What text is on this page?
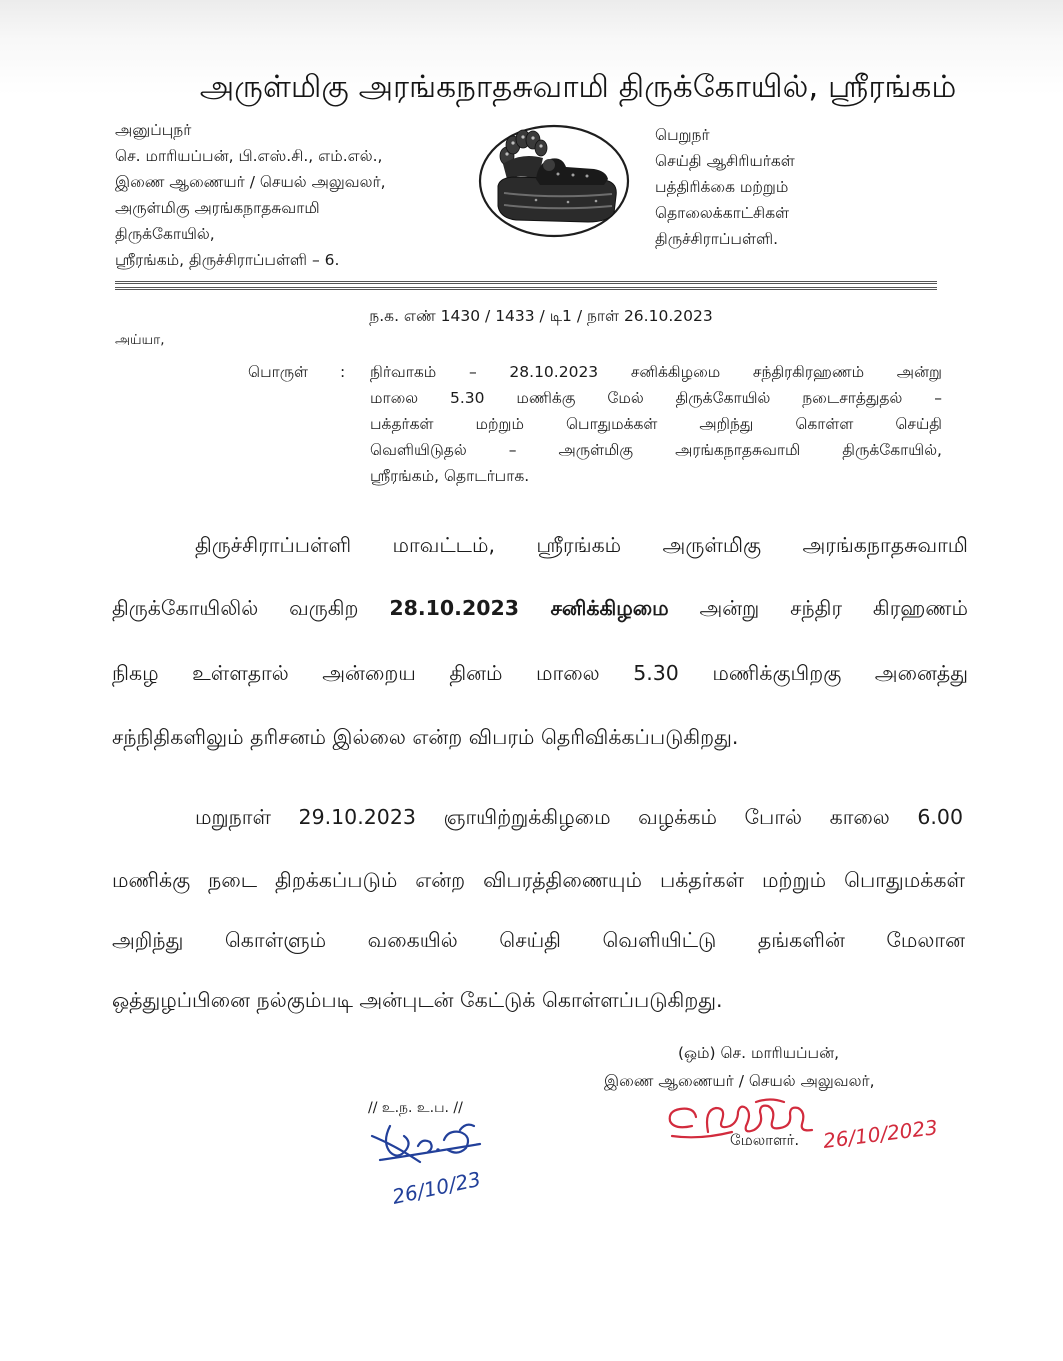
அருள்மிகு அரங்கநாதசுவாமி திருக்கோயில், ஸ்ரீரங்கம்
அனுப்புநர்
செ. மாரியப்பன், பி.எஸ்.சி., எம்.எல்.,
இணை ஆணையர் / செயல் அலுவலர்,
அருள்மிகு அரங்கநாதசுவாமி
திருக்கோயில்,
ஸ்ரீரங்கம், திருச்சிராப்பள்ளி – 6.
பெறுநர்
செய்தி ஆசிரியர்கள்
பத்திரிக்கை மற்றும்
தொலைக்காட்சிகள்
திருச்சிராப்பள்ளி.
ந.க. எண் 1430 / 1433 / டி1 / நாள் 26.10.2023
அய்யா,
பொருள்	:	நிர்வாகம் – 28.10.2023 சனிக்கிழமை சந்திரகிரஹணம் அன்று
மாலை 5.30 மணிக்கு மேல் திருக்கோயில் நடைசாத்துதல் –
பக்தர்கள் மற்றும் பொதுமக்கள் அறிந்து கொள்ள செய்தி
வெளியிடுதல் – அருள்மிகு அரங்கநாதசுவாமி திருக்கோயில்,
ஸ்ரீரங்கம், தொடர்பாக.
திருச்சிராப்பள்ளி மாவட்டம், ஸ்ரீரங்கம் அருள்மிகு அரங்கநாதசுவாமி
திருக்கோயிலில் வருகிற 28.10.2023 சனிக்கிழமை அன்று சந்திர கிரஹணம்
நிகழ உள்ளதால் அன்றைய தினம் மாலை 5.30 மணிக்குபிறகு அனைத்து
சந்நிதிகளிலும் தரிசனம் இல்லை என்ற விபரம் தெரிவிக்கப்படுகிறது.
மறுநாள் 29.10.2023 ஞாயிற்றுக்கிழமை வழக்கம் போல் காலை 6.00
மணிக்கு நடை திறக்கப்படும் என்ற விபரத்திணையும் பக்தர்கள் மற்றும் பொதுமக்கள்
அறிந்து கொள்ளும் வகையில் செய்தி வெளியிட்டு தங்களின் மேலான
ஒத்துழப்பினை நல்கும்படி அன்புடன் கேட்டுக் கொள்ளப்படுகிறது.
(ஒம்) செ. மாரியப்பன்,
இணை ஆணையர் / செயல் அலுவலர்,
// உ.ந. உ.ப. //
மேலாளர்.	26/10/2023
26/10/23
